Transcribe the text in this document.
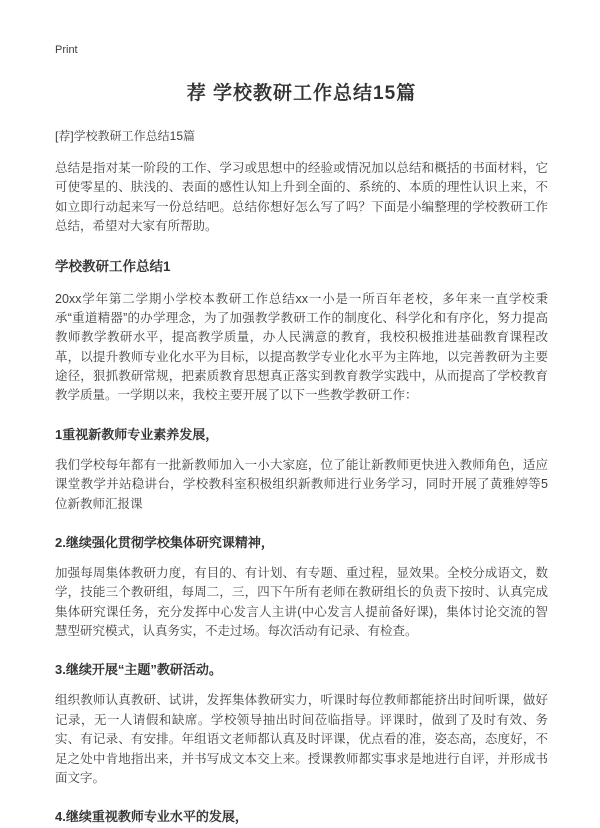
Print
荐 学校教研工作总结15篇

[荐]学校教研工作总结15篇

总结是指对某一阶段的工作、学习或思想中的经验或情况加以总结和概括的书面材料，它可使零星的、肤浅的、表面的感性认知上升到全面的、系统的、本质的理性认识上来，不如立即行动起来写一份总结吧。总结你想好怎么写了吗？下面是小编整理的学校教研工作总结，希望对大家有所帮助。

学校教研工作总结1

20xx学年第二学期小学校本教研工作总结xx一小是一所百年老校，多年来一直学校秉承“重道精器”的办学理念，为了加强教学教研工作的制度化、科学化和有序化，努力提高教师教学教研水平，提高教学质量，办人民满意的教育，我校积极推进基础教育课程改革，以提升教师专业化水平为目标，以提高教学专业化水平为主阵地，以完善教研为主要途径，狠抓教研常规，把素质教育思想真正落实到教育教学实践中，从而提高了学校教育教学质量。一学期以来，我校主要开展了以下一些教学教研工作：

1重视新教师专业素养发展，

我们学校每年都有一批新教师加入一小大家庭，位了能让新教师更快进入教师角色，适应课堂教学并站稳讲台，学校教科室积极组织新教师进行业务学习，同时开展了黄雅婷等5位新教师汇报课

2.继续强化贯彻学校集体研究课精神，

加强每周集体教研力度，有目的、有计划、有专题、重过程，显效果。全校分成语文，数学，技能三个教研组，每周二，三，四下午所有老师在教研组长的负责下按时、认真完成集体研究课任务，充分发挥中心发言人主讲(中心发言人提前备好课)，集体讨论交流的智慧型研究模式，认真务实，不走过场。每次活动有记录、有检查。

3.继续开展“主题”教研活动。

组织教师认真教研、试讲，发挥集体教研实力，听课时每位教师都能挤出时间听课，做好记录，无一人请假和缺席。学校领导抽出时间莅临指导。评课时，做到了及时有效、务实、有记录、有安排。年组语文老师都认真及时评课，优点看的准，姿态高，态度好，不足之处中肯地指出来，并书写成文本交上来。授课教师都实事求是地进行自评，并形成书面文字。

4.继续重视教师专业水平的发展，
